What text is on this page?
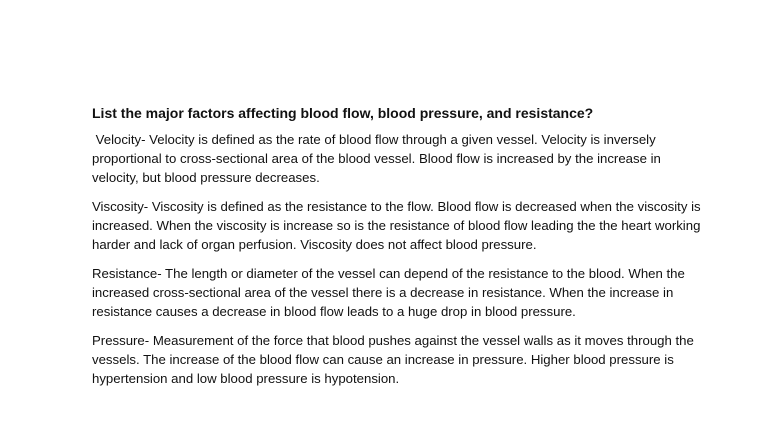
List the major factors affecting blood flow, blood pressure, and resistance?

Velocity- Velocity is defined as the rate of blood flow through a given vessel. Velocity is inversely proportional to cross-sectional area of the blood vessel. Blood flow is increased by the increase in velocity, but blood pressure decreases.

Viscosity- Viscosity is defined as the resistance to the flow. Blood flow is decreased when the viscosity is increased. When the viscosity is increase so is the resistance of blood flow leading the the heart working harder and lack of organ perfusion. Viscosity does not affect blood pressure.

Resistance- The length or diameter of the vessel can depend of the resistance to the blood. When the increased cross-sectional area of the vessel there is a decrease in resistance. When the increase in resistance causes a decrease in blood flow leads to a huge drop in blood pressure.

Pressure- Measurement of the force that blood pushes against the vessel walls as it moves through the vessels. The increase of the blood flow can cause an increase in pressure. Higher blood pressure is hypertension and low blood pressure is hypotension.
